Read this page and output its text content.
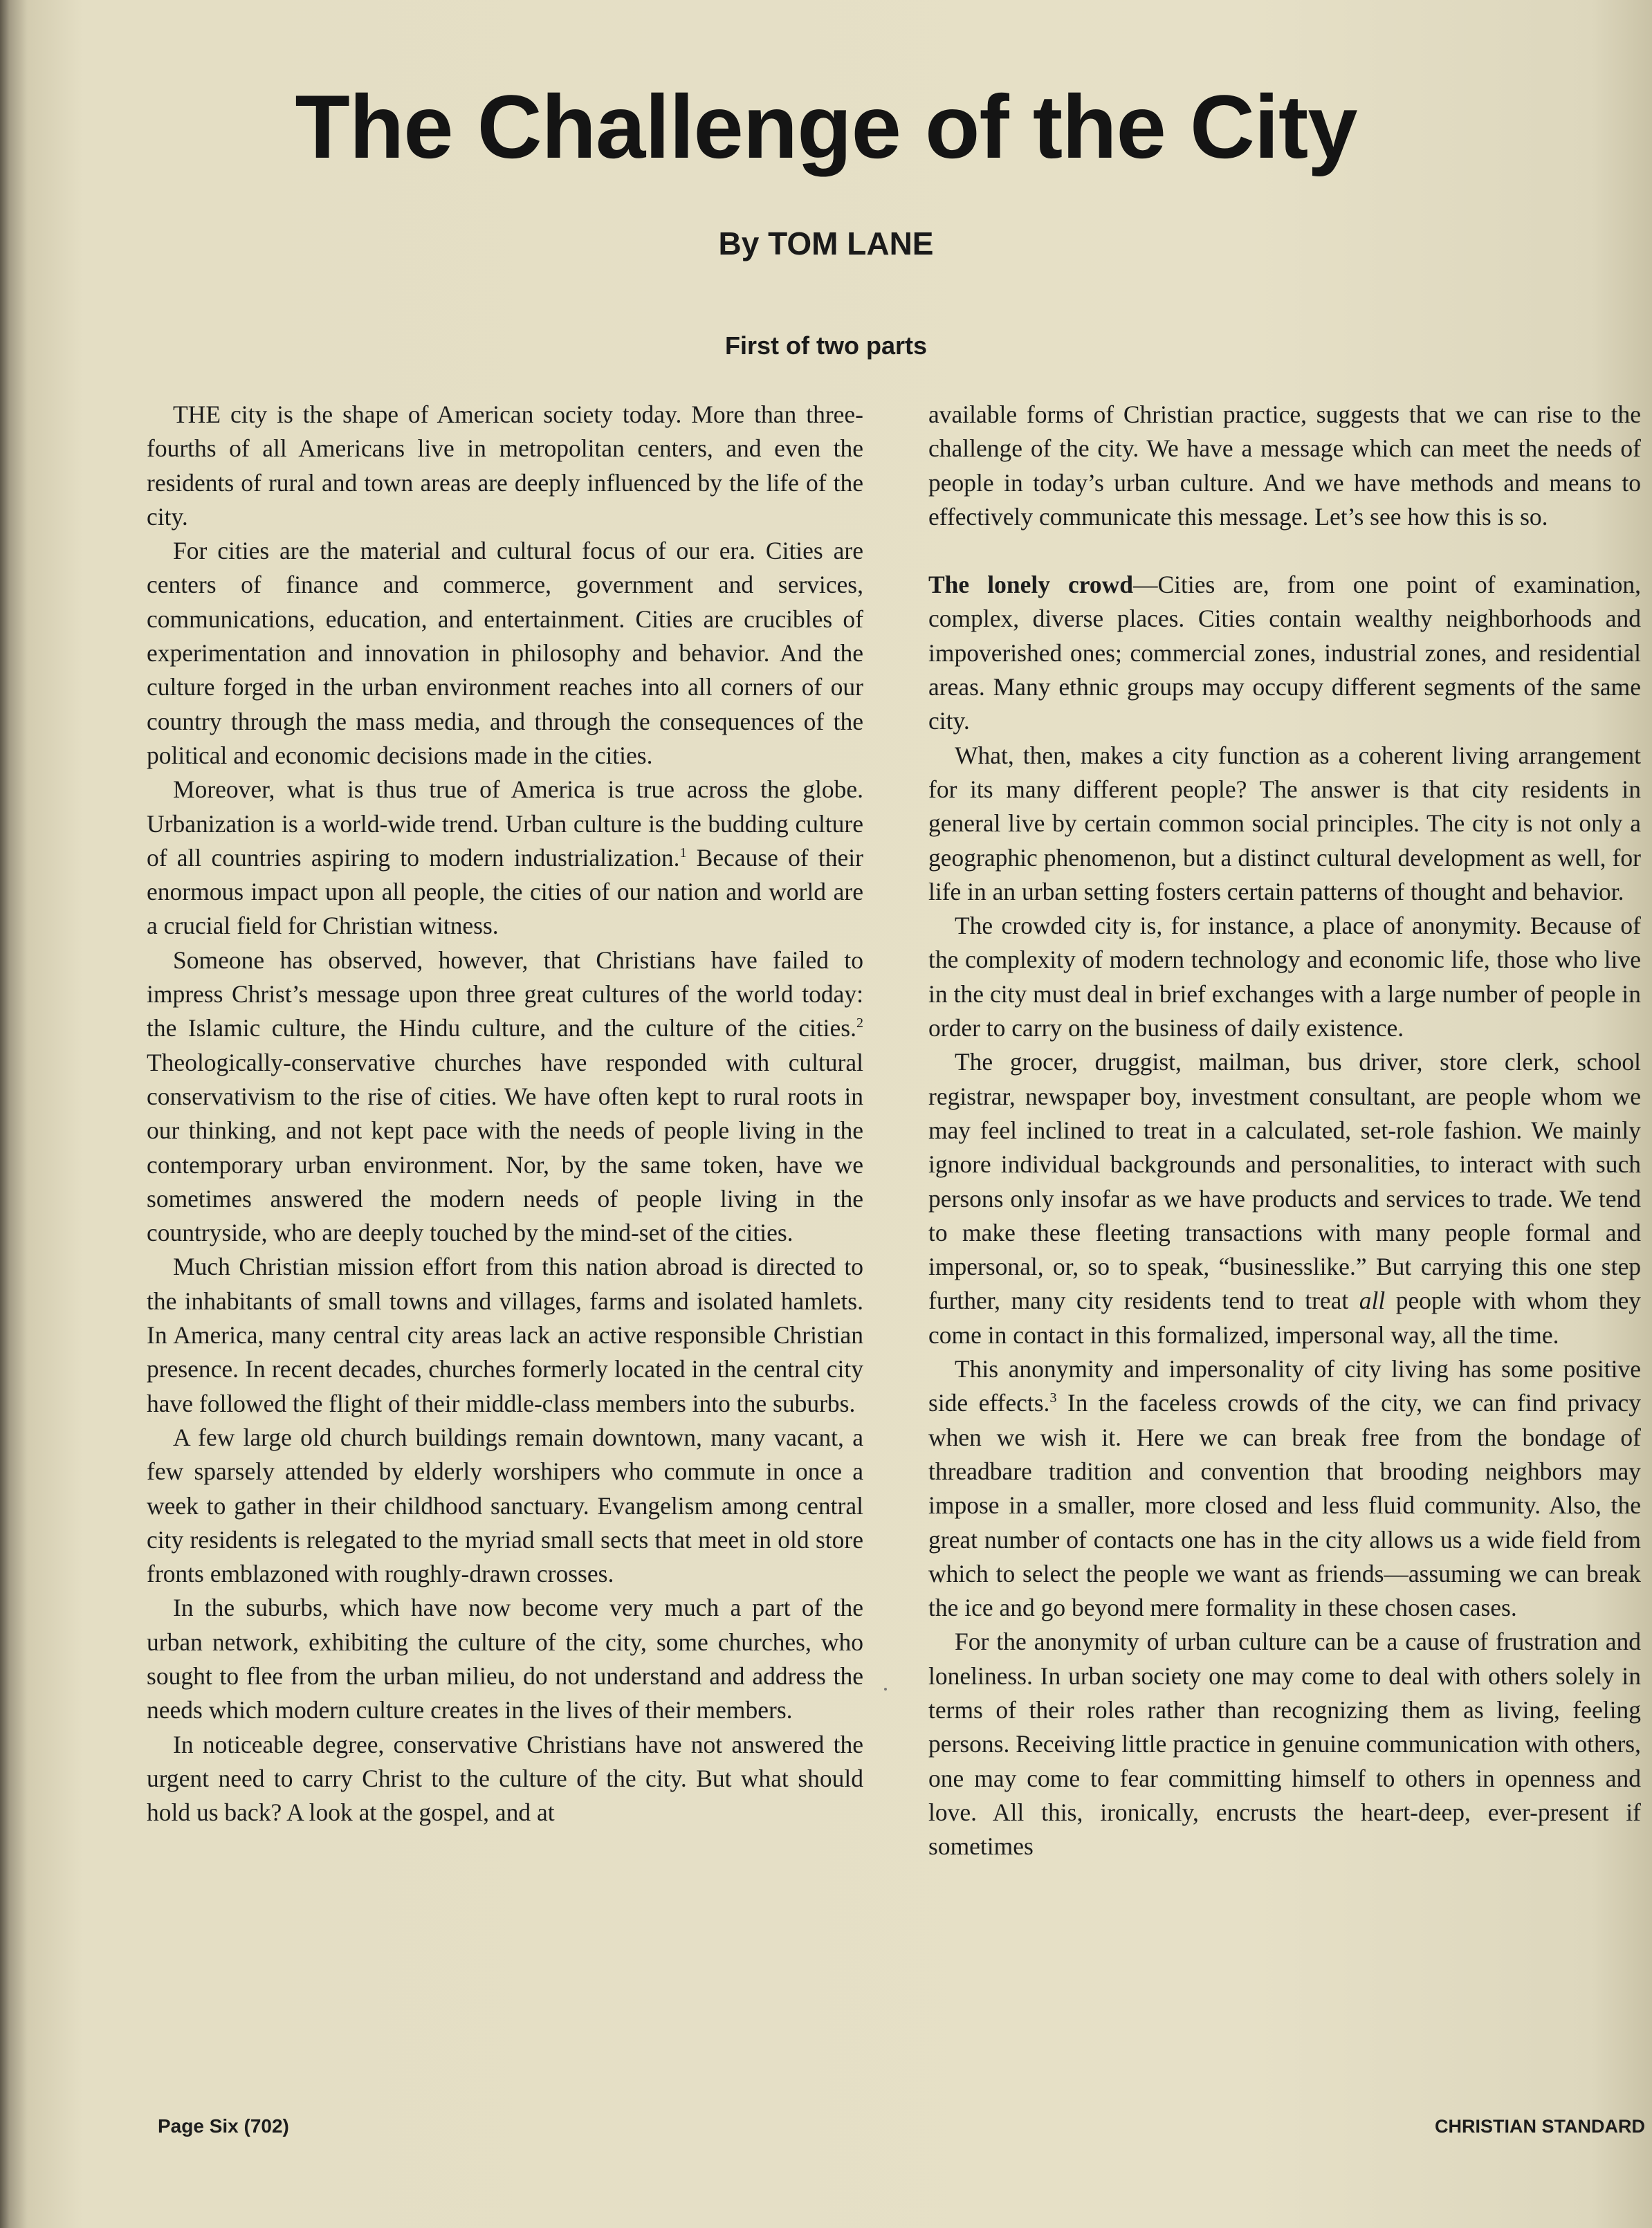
The Challenge of the City
By TOM LANE
First of two parts

THE city is the shape of American society today. More than three-fourths of all Americans live in metropolitan centers, and even the residents of rural and town areas are deeply influenced by the life of the city.

For cities are the material and cultural focus of our era. Cities are centers of finance and commerce, government and services, communications, education, and entertainment. Cities are crucibles of experimentation and innovation in philosophy and behavior. And the culture forged in the urban environment reaches into all corners of our country through the mass media, and through the consequences of the political and economic decisions made in the cities.

Moreover, what is thus true of America is true across the globe. Urbanization is a world-wide trend. Urban culture is the budding culture of all countries aspiring to modern industrialization.$^1$ Because of their enormous impact upon all people, the cities of our nation and world are a crucial field for Christian witness.

Someone has observed, however, that Christians have failed to impress Christ’s message upon three great cultures of the world today: the Islamic culture, the Hindu culture, and the culture of the cities.$^2$ Theologically-conservative churches have responded with cultural conservativism to the rise of cities. We have often kept to rural roots in our thinking, and not kept pace with the needs of people living in the contemporary urban environment. Nor, by the same token, have we sometimes answered the modern needs of people living in the countryside, who are deeply touched by the mind-set of the cities.

Much Christian mission effort from this nation abroad is directed to the inhabitants of small towns and villages, farms and isolated hamlets. In America, many central city areas lack an active responsible Christian presence. In recent decades, churches formerly located in the central city have followed the flight of their middle-class members into the suburbs.

A few large old church buildings remain downtown, many vacant, a few sparsely attended by elderly worshipers who commute in once a week to gather in their childhood sanctuary. Evangelism among central city residents is relegated to the myriad small sects that meet in old store fronts emblazoned with roughly-drawn crosses.

In the suburbs, which have now become very much a part of the urban network, exhibiting the culture of the city, some churches, who sought to flee from the urban milieu, do not understand and address the needs which modern culture creates in the lives of their members.

In noticeable degree, conservative Christians have not answered the urgent need to carry Christ to the culture of the city. But what should hold us back? A look at the gospel, and at

available forms of Christian practice, suggests that we can rise to the challenge of the city. We have a message which can meet the needs of people in today’s urban culture. And we have methods and means to effectively communicate this message. Let’s see how this is so.

The lonely crowd—Cities are, from one point of examination, complex, diverse places. Cities contain wealthy neighborhoods and impoverished ones; commercial zones, industrial zones, and residential areas. Many ethnic groups may occupy different segments of the same city.

What, then, makes a city function as a coherent living arrangement for its many different people? The answer is that city residents in general live by certain common social principles. The city is not only a geographic phenomenon, but a distinct cultural development as well, for life in an urban setting fosters certain patterns of thought and behavior.

The crowded city is, for instance, a place of anonymity. Because of the complexity of modern technology and economic life, those who live in the city must deal in brief exchanges with a large number of people in order to carry on the business of daily existence.

The grocer, druggist, mailman, bus driver, store clerk, school registrar, newspaper boy, investment consultant, are people whom we may feel inclined to treat in a calculated, set-role fashion. We mainly ignore individual backgrounds and personalities, to interact with such persons only insofar as we have products and services to trade. We tend to make these fleeting transactions with many people formal and impersonal, or, so to speak, “businesslike.” But carrying this one step further, many city residents tend to treat all people with whom they come in contact in this formalized, impersonal way, all the time.

This anonymity and impersonality of city living has some positive side effects.$^3$ In the faceless crowds of the city, we can find privacy when we wish it. Here we can break free from the bondage of threadbare tradition and convention that brooding neighbors may impose in a smaller, more closed and less fluid community. Also, the great number of contacts one has in the city allows us a wide field from which to select the people we want as friends—assuming we can break the ice and go beyond mere formality in these chosen cases.

For the anonymity of urban culture can be a cause of frustration and loneliness. In urban society one may come to deal with others solely in terms of their roles rather than recognizing them as living, feeling persons. Receiving little practice in genuine communication with others, one may come to fear committing himself to others in openness and love. All this, ironically, encrusts the heart-deep, ever-present if sometimes

Page Six (702)	CHRISTIAN STANDARD
